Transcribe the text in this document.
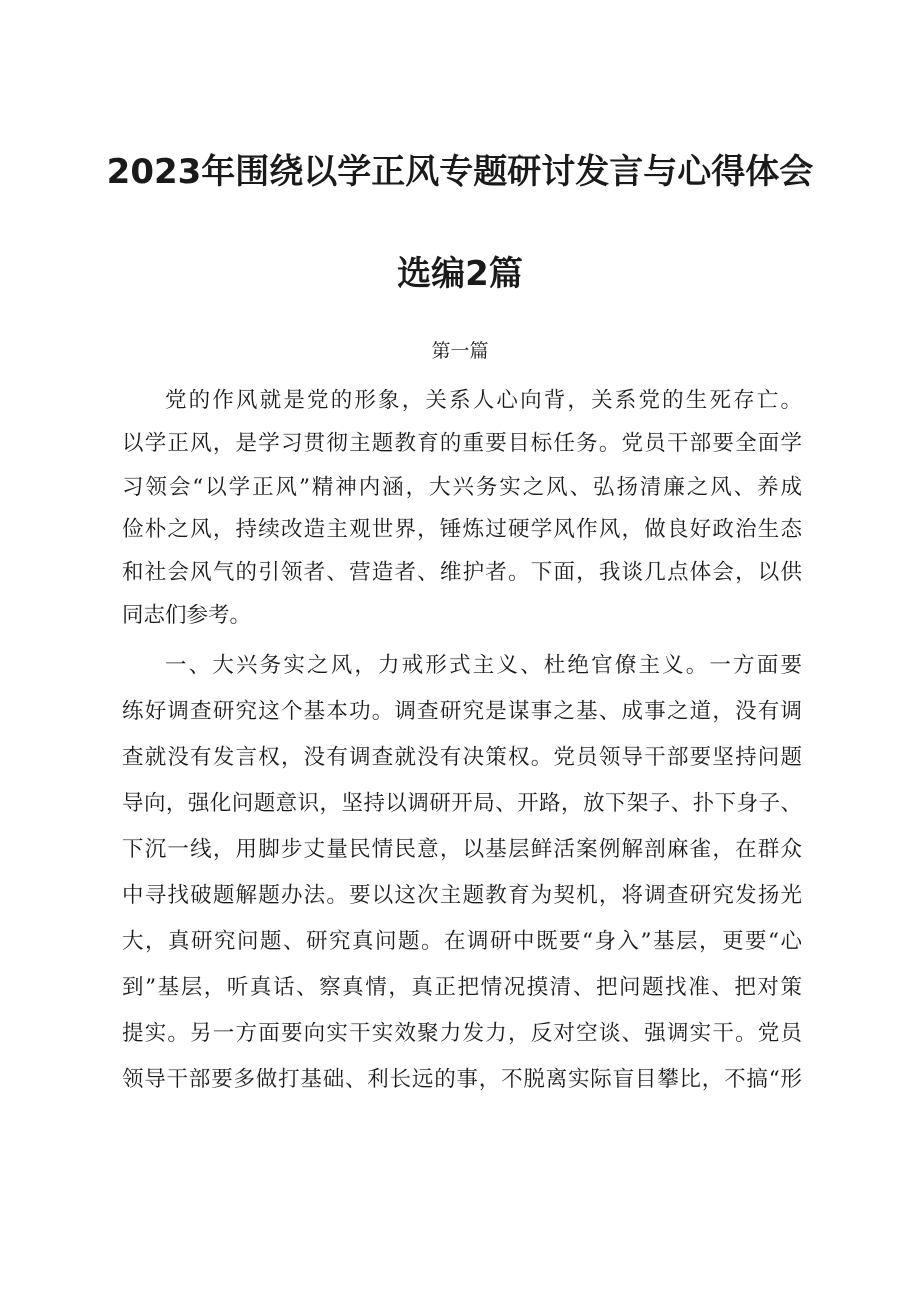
2023年围绕以学正风专题研讨发言与心得体会
选编2篇
第一篇
党的作风就是党的形象，关系人心向背，关系党的生死存亡。
以学正风，是学习贯彻主题教育的重要目标任务。党员干部要全面学
习领会“以学正风”精神内涵，大兴务实之风、弘扬清廉之风、养成
俭朴之风，持续改造主观世界，锤炼过硬学风作风，做良好政治生态
和社会风气的引领者、营造者、维护者。下面，我谈几点体会，以供
同志们参考。
一、大兴务实之风，力戒形式主义、杜绝官僚主义。一方面要
练好调查研究这个基本功。调查研究是谋事之基、成事之道，没有调
查就没有发言权，没有调查就没有决策权。党员领导干部要坚持问题
导向，强化问题意识，坚持以调研开局、开路，放下架子、扑下身子、
下沉一线，用脚步丈量民情民意，以基层鲜活案例解剖麻雀，在群众
中寻找破题解题办法。要以这次主题教育为契机，将调查研究发扬光
大，真研究问题、研究真问题。在调研中既要“身入”基层，更要“心
到”基层，听真话、察真情，真正把情况摸清、把问题找准、把对策
提实。另一方面要向实干实效聚力发力，反对空谈、强调实干。党员
领导干部要多做打基础、利长远的事，不脱离实际盲目攀比，不搞“形
